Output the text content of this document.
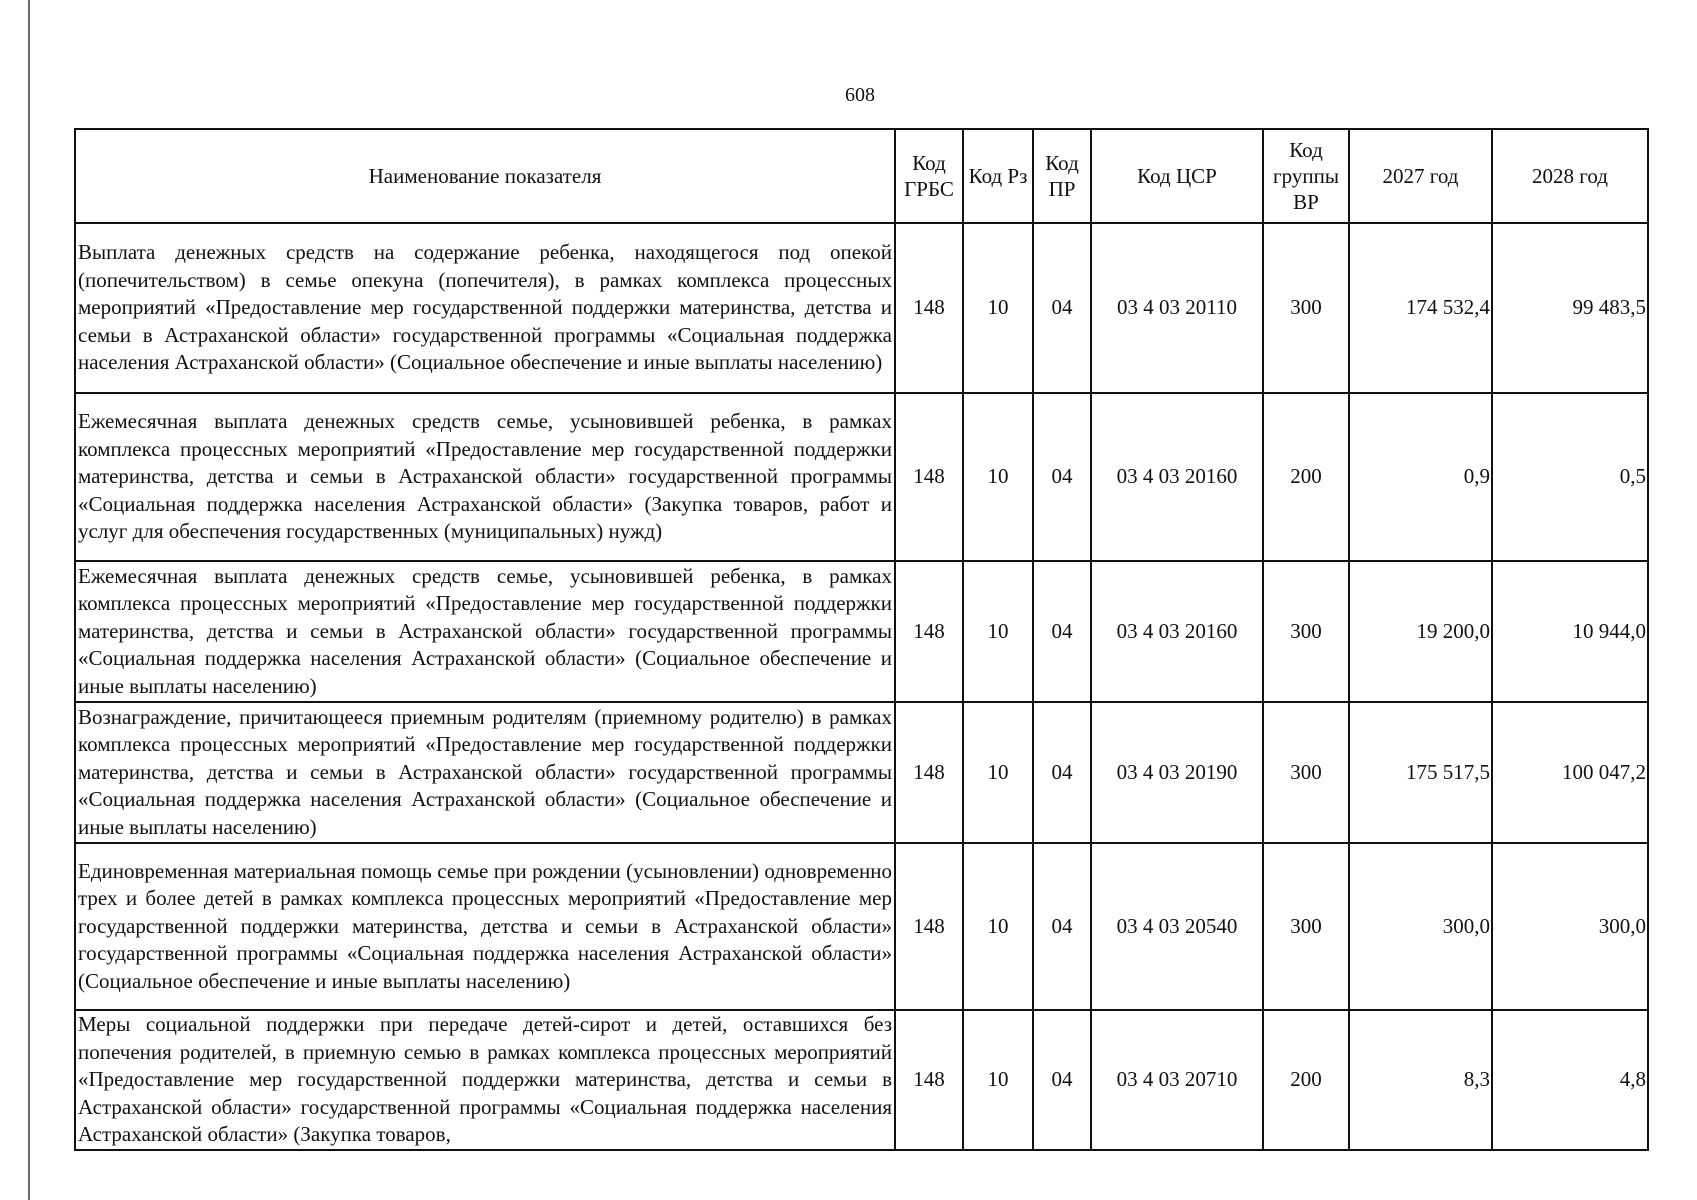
608
Наименование показателя	Код ГРБС	Код Рз	Код ПР	Код ЦСР	Код группы ВР	2027 год	2028 год
Выплата денежных средств на содержание ребенка, находящегося под опекой (попечительством) в семье опекуна (попечителя), в рамках комплекса процессных мероприятий «Предоставление мер государственной поддержки материнства, детства и семьи в Астраханской области» государственной программы «Социальная поддержка населения Астраханской области» (Социальное обеспечение и иные выплаты населению)	148	10	04	03 4 03 20110	300	174 532,4	99 483,5
Ежемесячная выплата денежных средств семье, усыновившей ребенка, в рамках комплекса процессных мероприятий «Предоставление мер государственной поддержки материнства, детства и семьи в Астраханской области» государственной программы «Социальная поддержка населения Астраханской области» (Закупка товаров, работ и услуг для обеспечения государственных (муниципальных) нужд)	148	10	04	03 4 03 20160	200	0,9	0,5
Ежемесячная выплата денежных средств семье, усыновившей ребенка, в рамках комплекса процессных мероприятий «Предоставление мер государственной поддержки материнства, детства и семьи в Астраханской области» государственной программы «Социальная поддержка населения Астраханской области» (Социальное обеспечение и иные выплаты населению)	148	10	04	03 4 03 20160	300	19 200,0	10 944,0
Вознаграждение, причитающееся приемным родителям (приемному родителю) в рамках комплекса процессных мероприятий «Предоставление мер государственной поддержки материнства, детства и семьи в Астраханской области» государственной программы «Социальная поддержка населения Астраханской области» (Социальное обеспечение и иные выплаты населению)	148	10	04	03 4 03 20190	300	175 517,5	100 047,2
Единовременная материальная помощь семье при рождении (усыновлении) одновременно трех и более детей в рамках комплекса процессных мероприятий «Предоставление мер государственной поддержки материнства, детства и семьи в Астраханской области» государственной программы «Социальная поддержка населения Астраханской области» (Социальное обеспечение и иные выплаты населению)	148	10	04	03 4 03 20540	300	300,0	300,0
Меры социальной поддержки при передаче детей-сирот и детей, оставшихся без попечения родителей, в приемную семью в рамках комплекса процессных мероприятий «Предоставление мер государственной поддержки материнства, детства и семьи в Астраханской области» государственной программы «Социальная поддержка населения Астраханской области» (Закупка товаров,	148	10	04	03 4 03 20710	200	8,3	4,8
